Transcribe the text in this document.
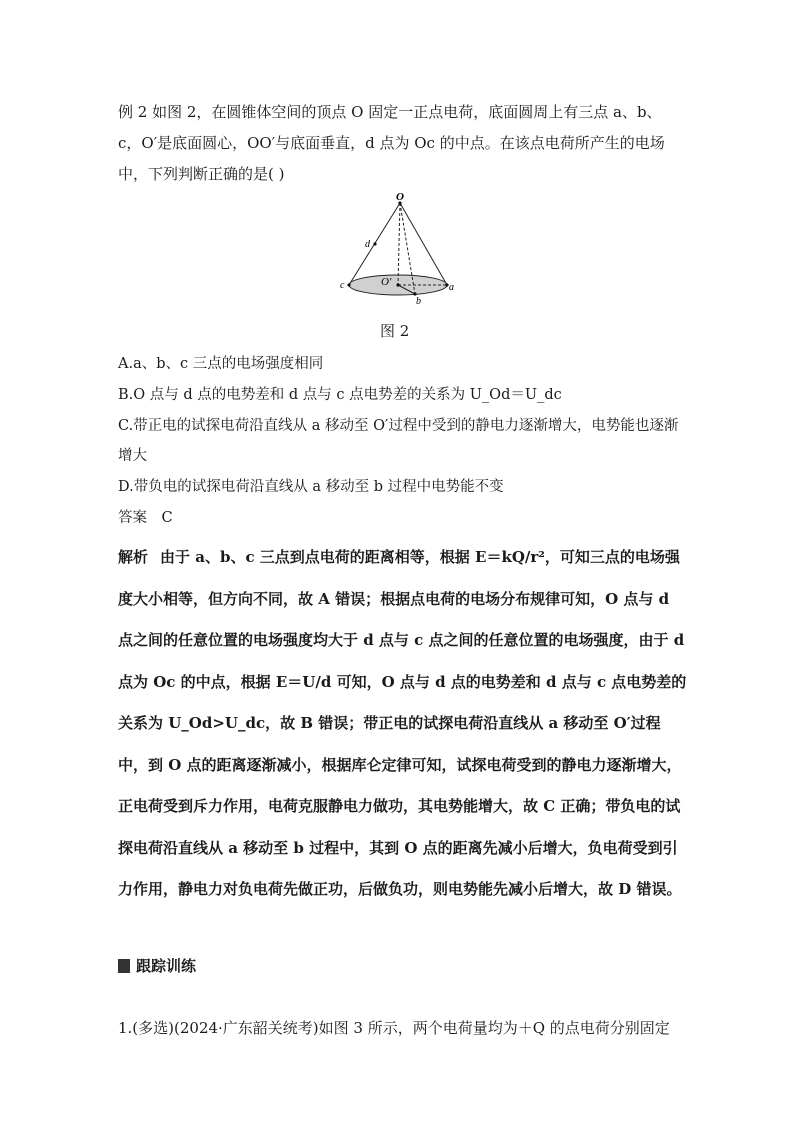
例 2 如图 2，在圆锥体空间的顶点 O 固定一正点电荷，底面圆周上有三点 a、b、c，O′是底面圆心，OO′与底面垂直，d 点为 Oc 的中点。在该点电荷所产生的电场中，下列判断正确的是( )

O
d
O′
c	a
b
图 2

A.a、b、c 三点的电场强度相同

B.O 点与 d 点的电势差和 d 点与 c 点电势差的关系为 U_Od＝U_dc

C.带正电的试探电荷沿直线从 a 移动至 O′过程中受到的静电力逐渐增大，电势能也逐渐增大

D.带负电的试探电荷沿直线从 a 移动至 b 过程中电势能不变

答案　C

解析 由于 a、b、c 三点到点电荷的距离相等，根据 E＝kQ/r²，可知三点的电场强度大小相等，但方向不同，故 A 错误；根据点电荷的电场分布规律可知，O 点与 d 点之间的任意位置的电场强度均大于 d 点与 c 点之间的任意位置的电场强度，由于 d 点为 Oc 的中点，根据 E＝U/d 可知，O 点与 d 点的电势差和 d 点与 c 点电势差的关系为 U_Od>U_dc，故 B 错误；带正电的试探电荷沿直线从 a 移动至 O′过程中，到 O 点的距离逐渐减小，根据库仑定律可知，试探电荷受到的静电力逐渐增大，正电荷受到斥力作用，电荷克服静电力做功，其电势能增大，故 C 正确；带负电的试探电荷沿直线从 a 移动至 b 过程中，其到 O 点的距离先减小后增大，负电荷受到引力作用，静电力对负电荷先做正功，后做负功，则电势能先减小后增大，故 D 错误。

跟踪训练

1.(多选)(2024·广东韶关统考)如图 3 所示，两个电荷量均为＋Q 的点电荷分别固定
